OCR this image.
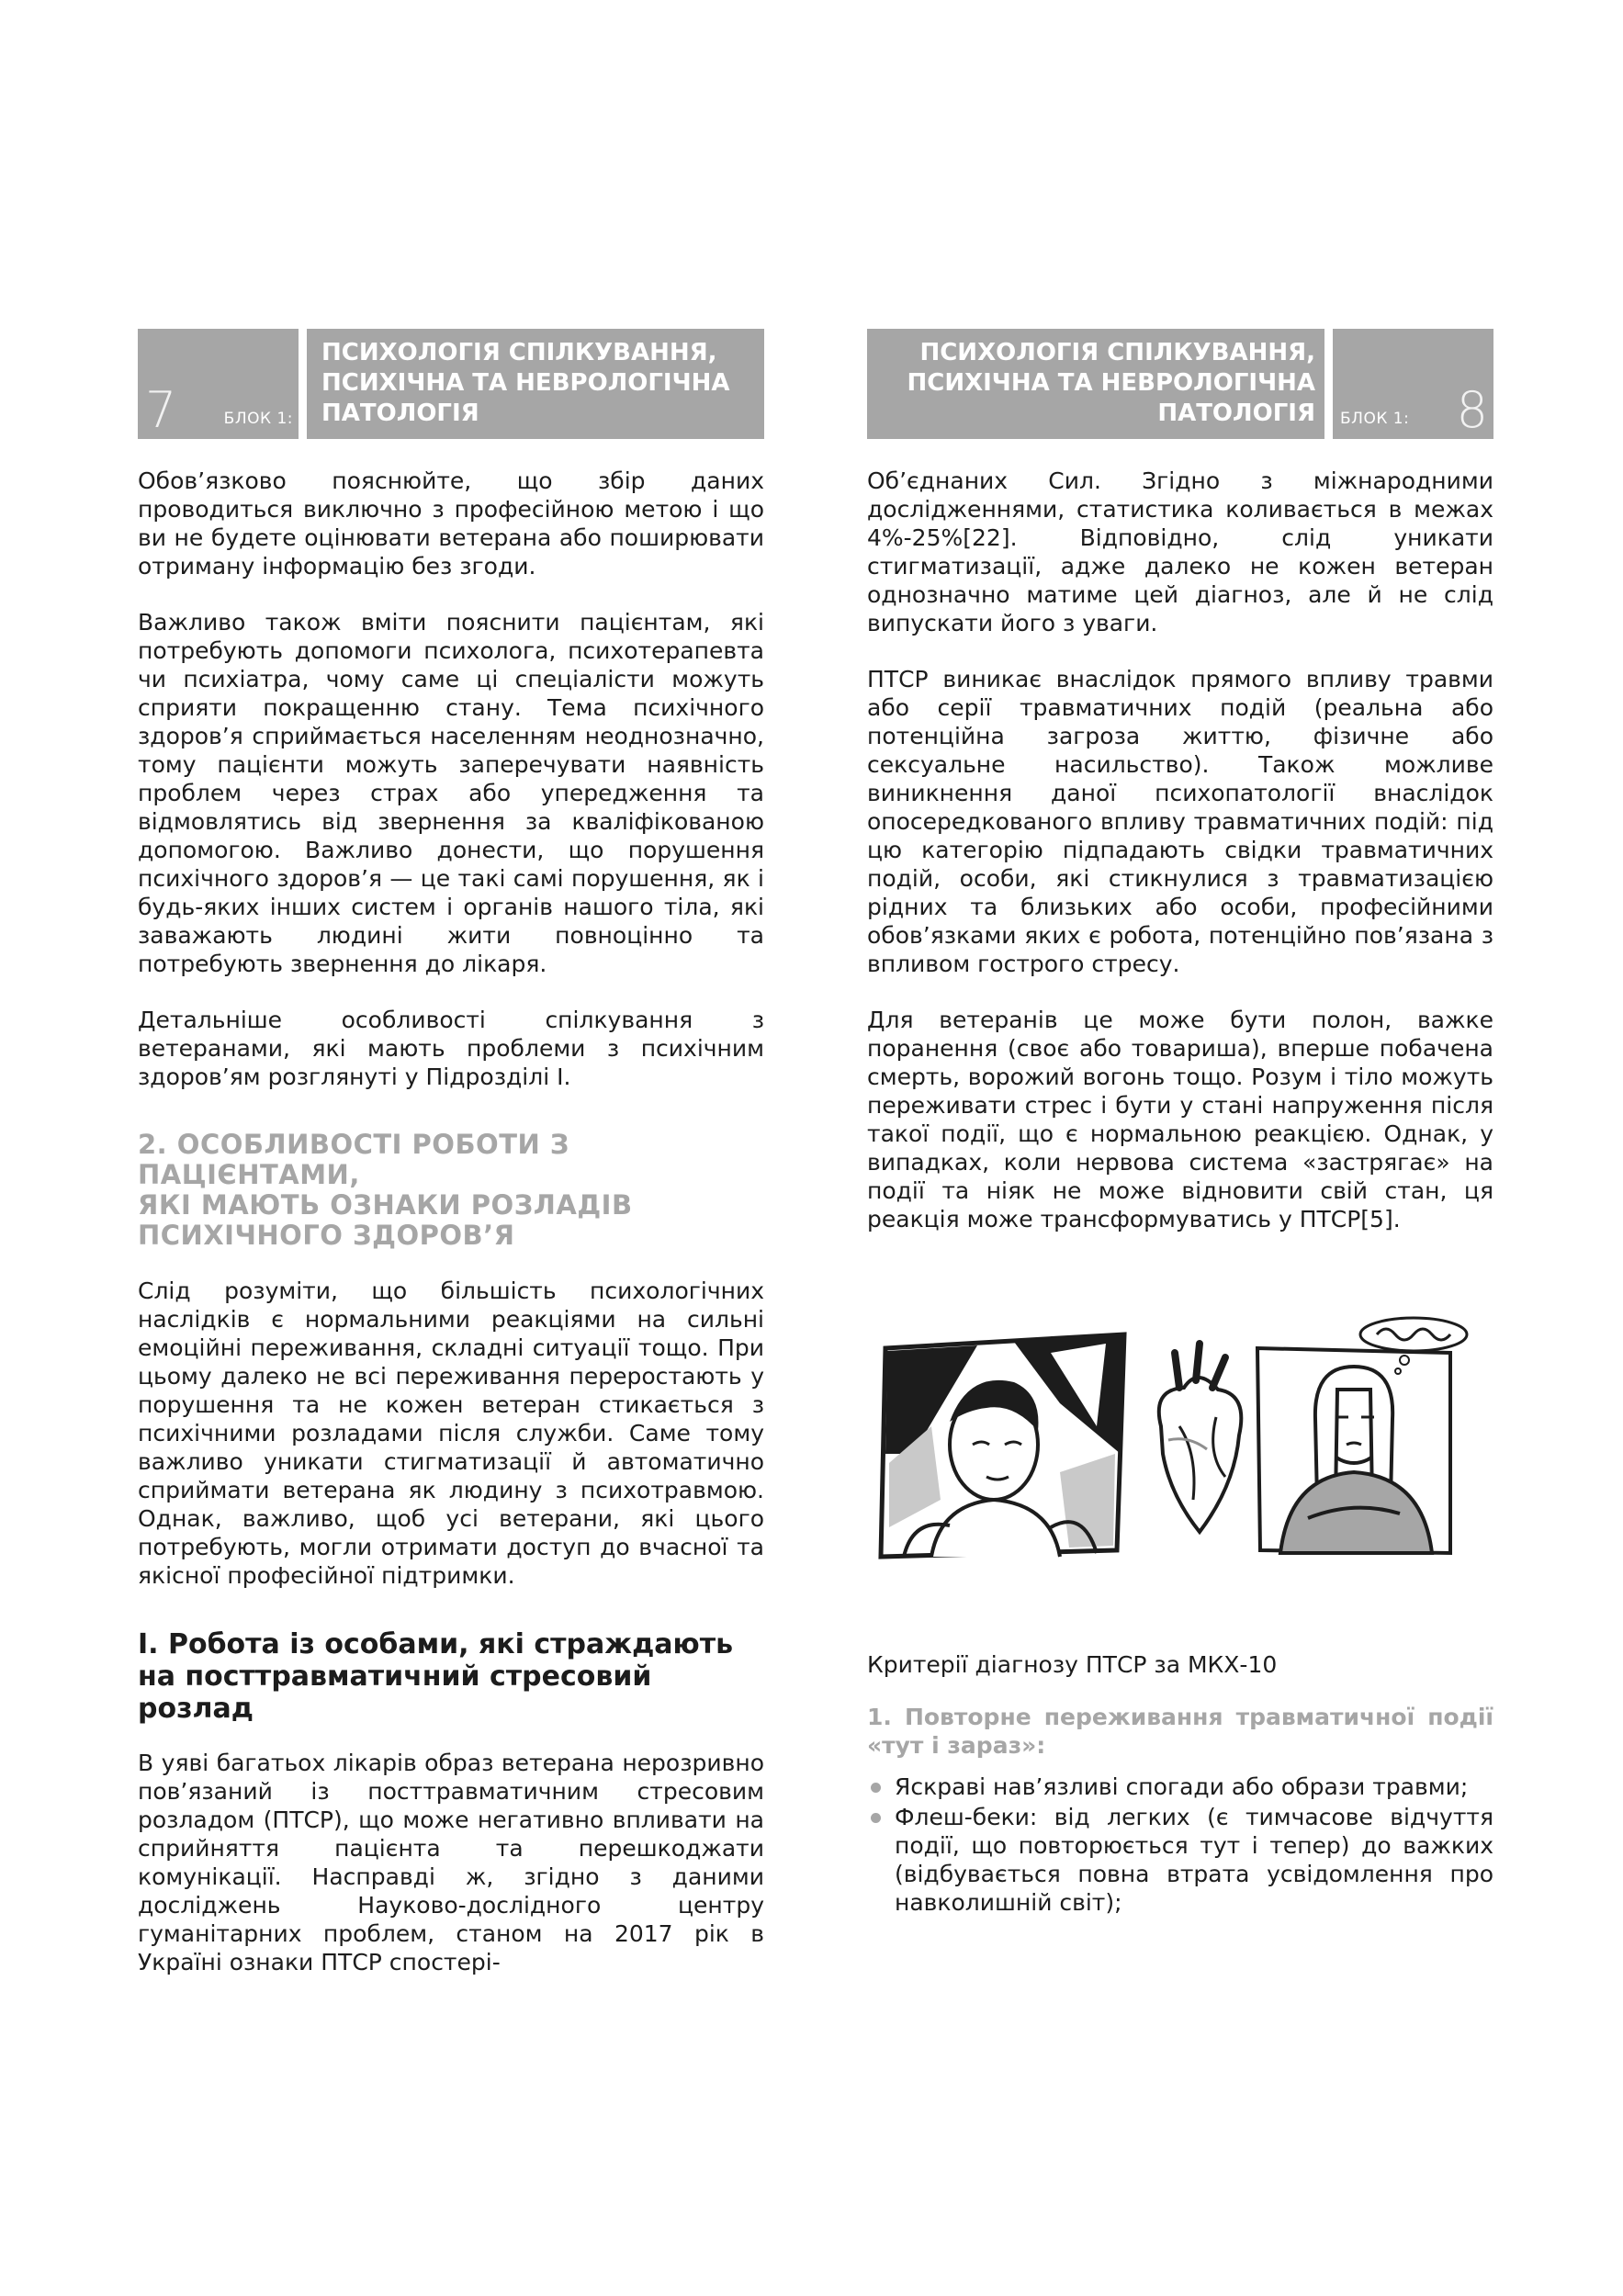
7	БЛОК 1:
ПСИХОЛОГІЯ СПІЛКУВАННЯ,
ПСИХІЧНА ТА НЕВРОЛОГІЧНА
ПАТОЛОГІЯ

Обов’язково пояснюйте, що збір даних проводиться виключно з професійною метою і що ви не будете оцінювати ветерана або поширювати отриману інформацію без згоди.

Важливо також вміти пояснити пацієнтам, які потребують допомоги психолога, психотерапевта чи психіатра, чому саме ці спеціалісти можуть сприяти покращенню стану. Тема психічного здоров’я сприймається населенням неоднозначно, тому пацієнти можуть заперечувати наявність проблем через страх або упередження та відмовлятись від звернення за кваліфікованою допомогою. Важливо донести, що порушення психічного здоров’я — це такі самі порушення, як і будь-яких інших систем і органів нашого тіла, які заважають людині жити повноцінно та потребують звернення до лікаря.

Детальніше особливості спілкування з ветеранами, які мають проблеми з психічним здоров’ям розглянуті у Підрозділі І.

2. ОСОБЛИВОСТІ РОБОТИ З ПАЦІЄНТАМИ,
ЯКІ МАЮТЬ ОЗНАКИ РОЗЛАДІВ
ПСИХІЧНОГО ЗДОРОВ’Я

Слід розуміти, що більшість психологічних наслідків є нормальними реакціями на сильні емоційні переживання, складні ситуації тощо. При цьому далеко не всі переживання переростають у порушення та не кожен ветеран стикається з психічними розладами після служби. Саме тому важливо уникати стигматизації й автоматично сприймати ветерана як людину з психотравмою. Однак, важливо, щоб усі ветерани, які цього потребують, могли отримати доступ до вчасної та якісної професійної підтримки.

І. Робота із особами, які страждають на посттравматичний стресовий розлад

В уяві багатьох лікарів образ ветерана нерозривно пов’язаний із посттравматичним стресовим розладом (ПТСР), що може негативно впливати на сприйняття пацієнта та перешкоджати комунікації. Насправді ж, згідно з даними досліджень Науково-дослідного центру гуманітарних проблем, станом на 2017 рік в Україні ознаки ПТСР спостері-

ПСИХОЛОГІЯ СПІЛКУВАННЯ,
ПСИХІЧНА ТА НЕВРОЛОГІЧНА
ПАТОЛОГІЯ БЛОК 1: 8

Об’єднаних Сил. Згідно з міжнародними дослідженнями, статистика коливається в межах 4%-25%[22]. Відповідно, слід уникати стигматизації, адже далеко не кожен ветеран однозначно матиме цей діагноз, але й не слід випускати його з уваги.

ПТСР виникає внаслідок прямого впливу травми або серії травматичних подій (реальна або потенційна загроза життю, фізичне або сексуальне насильство). Також можливе виникнення даної психопатології внаслідок опосередкованого впливу травматичних подій: під цю категорію підпадають свідки травматичних подій, особи, які стикнулися з травматизацією рідних та близьких або особи, професійними обов’язками яких є робота, потенційно пов’язана з впливом гострого стресу.

Для ветеранів це може бути полон, важке поранення (своє або товариша), вперше побачена смерть, ворожий вогонь тощо. Розум і тіло можуть переживати стрес і бути у стані напруження після такої події, що є нормальною реакцією. Однак, у випадках, коли нервова система «застрягає» на події та ніяк не може відновити свій стан, ця реакція може трансформуватись у ПТСР[5].

Критерії діагнозу ПТСР за МКХ-10
1. Повторне переживання травматичної події «тут і зараз»:
Яскраві нав’язливі спогади або образи травми;
Флеш-беки: від легких (є тимчасове відчуття події, що повторюється тут і тепер) до важких (відбувається повна втрата усвідомлення про навколишній світ);
